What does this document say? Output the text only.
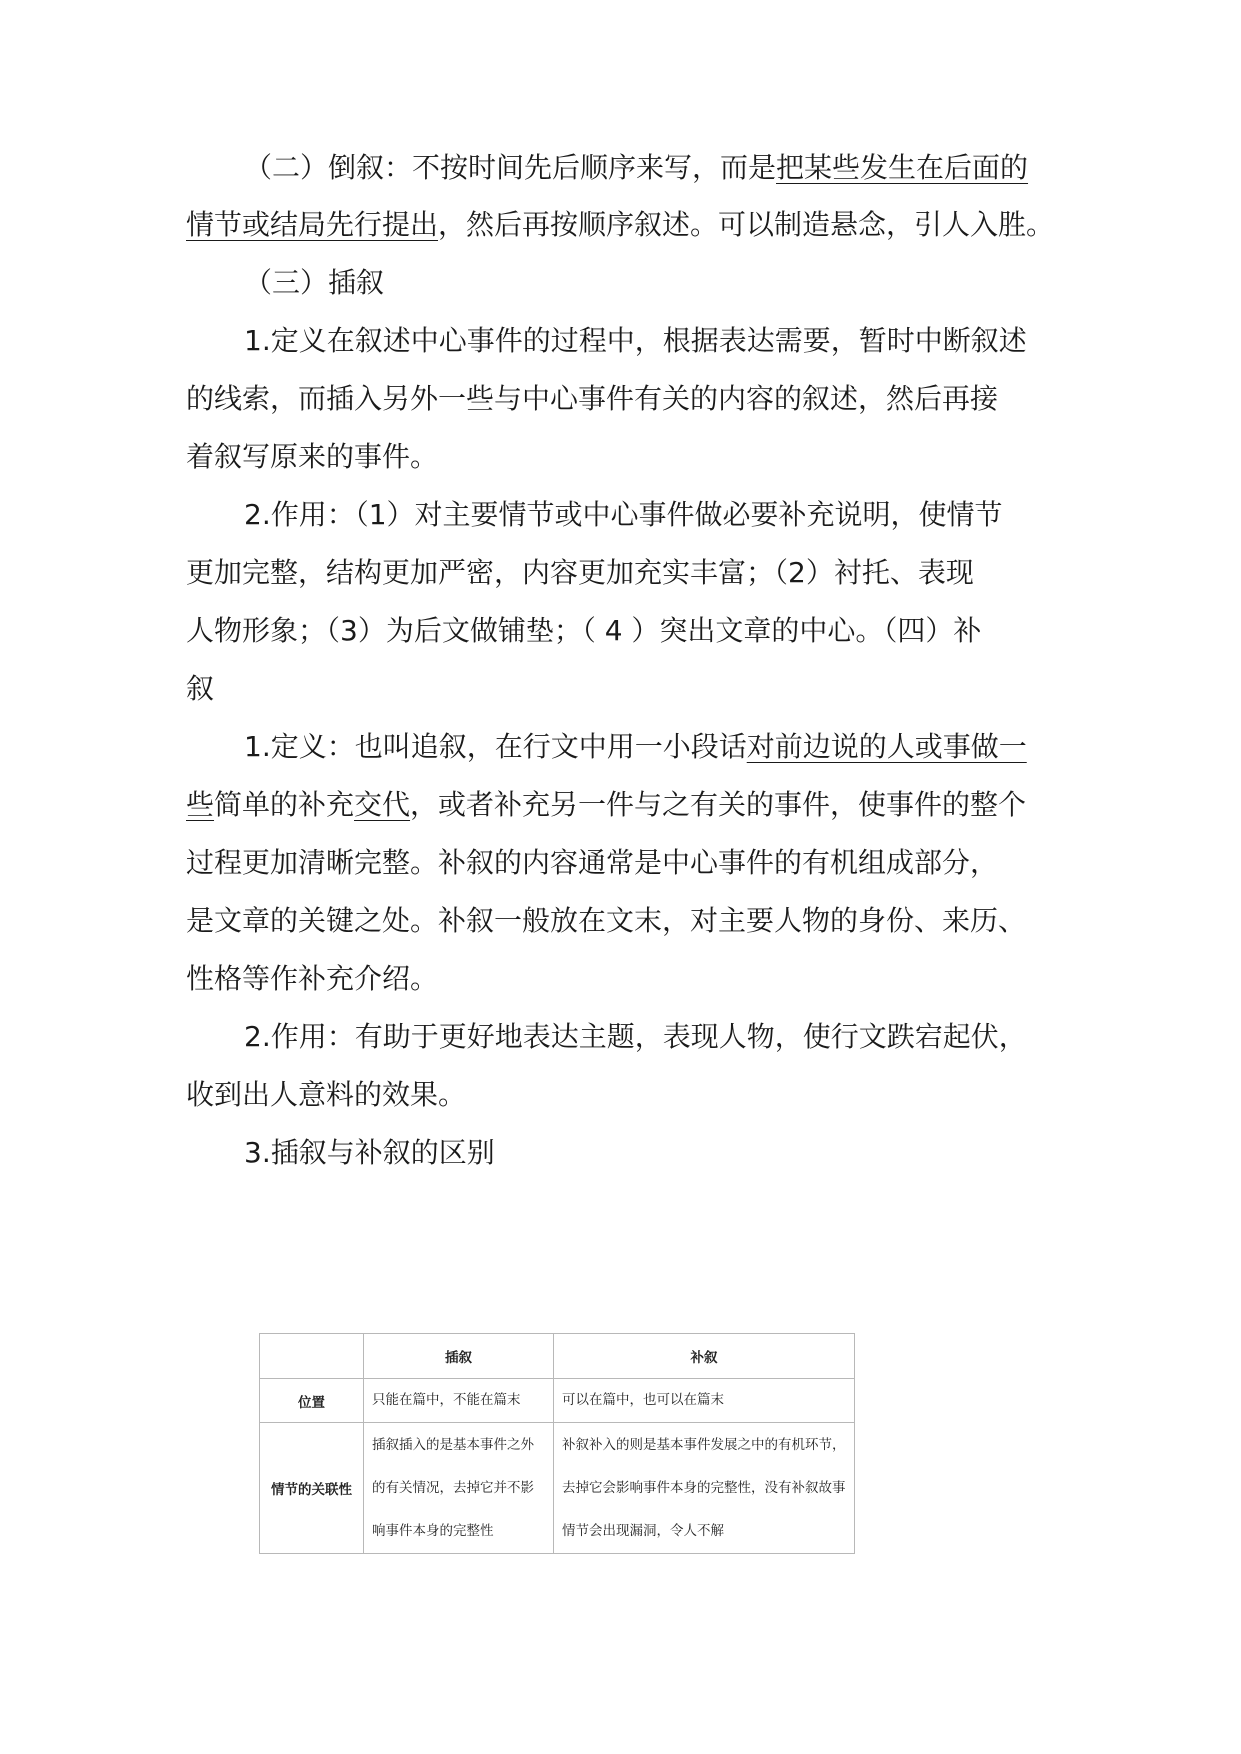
（二）倒叙：不按时间先后顺序来写，而是把某些发生在后面的

情节或结局先行提出，然后再按顺序叙述。可以制造悬念，引人入胜。

（三）插叙

1.定义在叙述中心事件的过程中，根据表达需要，暂时中断叙述

的线索，而插入另外一些与中心事件有关的内容的叙述，然后再接

着叙写原来的事件。

2.作用：（1）对主要情节或中心事件做必要补充说明，使情节

更加完整，结构更加严密，内容更加充实丰富；（2）衬托、表现

人物形象；（3）为后文做铺垫；（ 4 ）突出文章的中心。（四）补

叙

1.定义：也叫追叙，在行文中用一小段话对前边说的人或事做一

些简单的补充交代，或者补充另一件与之有关的事件，使事件的整个

过程更加清晰完整。补叙的内容通常是中心事件的有机组成部分，

是文章的关键之处。补叙一般放在文末，对主要人物的身份、来历、

性格等作补充介绍。

2.作用：有助于更好地表达主题，表现人物，使行文跌宕起伏，

收到出人意料的效果。

3.插叙与补叙的区别

	插叙	补叙
位置	只能在篇中，不能在篇末	可以在篇中，也可以在篇末
情节的关联性	插叙插入的是基本事件之外的有关情况，去掉它并不影响事件本身的完整性	补叙补入的则是基本事件发展之中的有机环节，去掉它会影响事件本身的完整性，没有补叙故事情节会出现漏洞，令人不解
